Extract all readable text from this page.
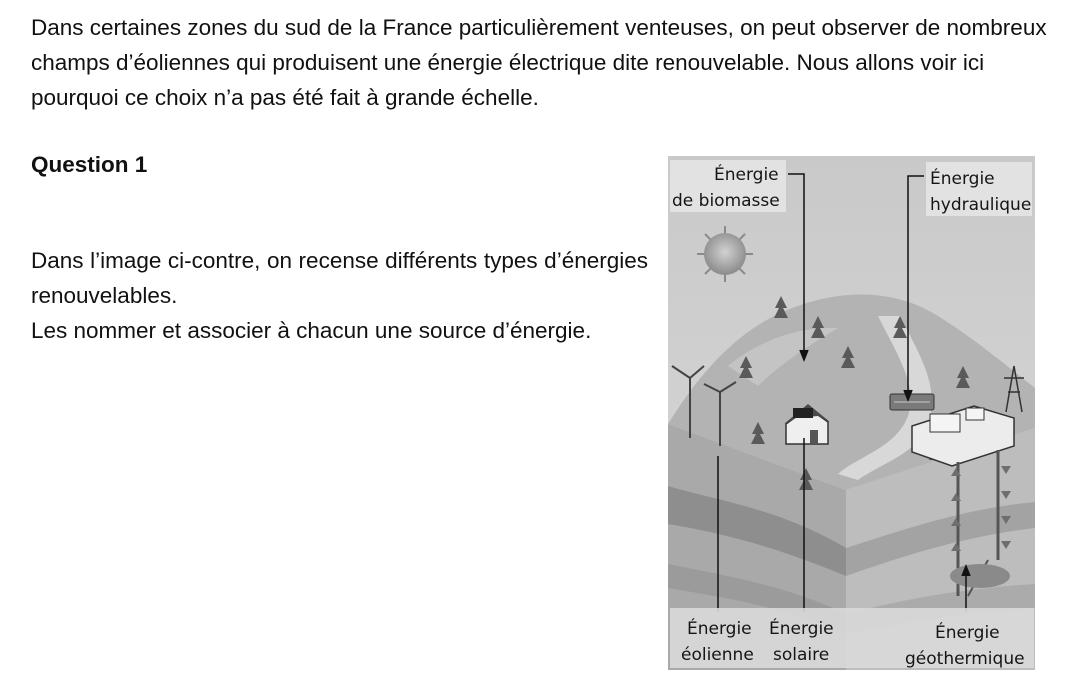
Dans certaines zones du sud de la France particulièrement venteuses, on peut observer de nombreux champs d’éoliennes qui produisent une énergie électrique dite renouvelable. Nous allons voir ici pourquoi ce choix n’a pas été fait à grande échelle.

Question 1
Dans l’image ci-contre, on recense différents types d’énergies renouvelables.
Les nommer et associer à chacun une source d’énergie.
Énergie
de biomasse
Énergie
hydraulique
Énergie
éolienne
Énergie
solaire
Énergie
géothermique
